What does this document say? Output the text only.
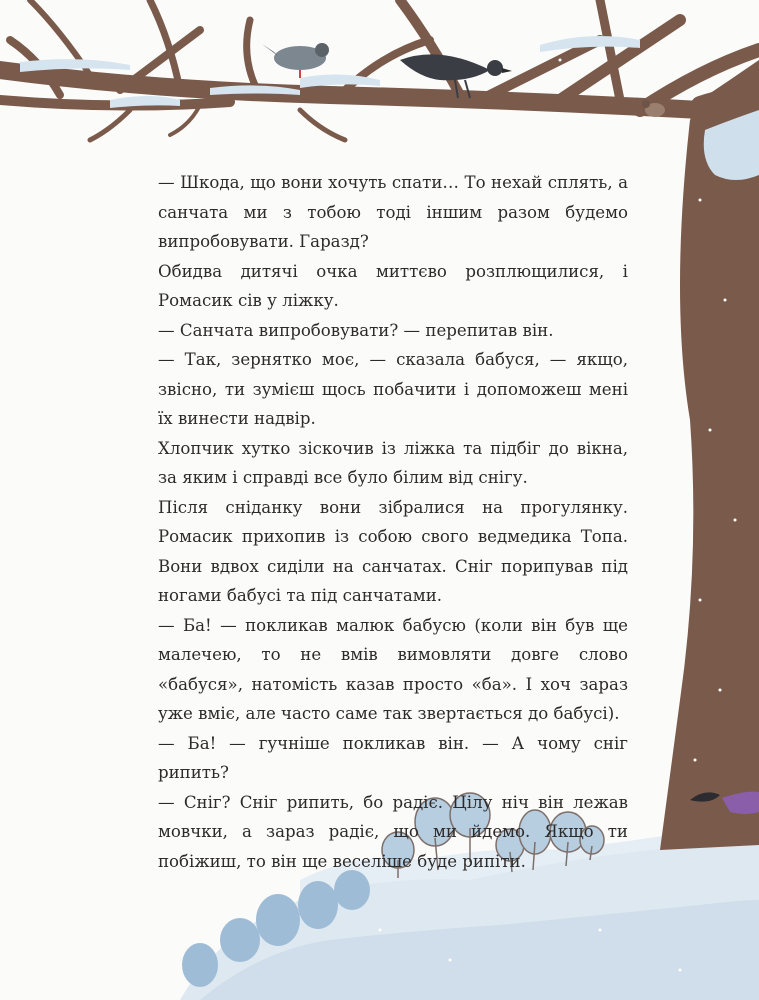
— Шкода, що вони хочуть спати… То нехай сплять, а санчата ми з тобою тоді іншим разом будемо випробовувати. Гаразд?

Обидва дитячі очка миттєво розплющилися, і Ромасик сів у ліжку.

— Санчата випробовувати? — перепитав він.

— Так, зернятко моє, — сказала бабуся, — якщо, звісно, ти зумієш щось побачити і допоможеш мені їх винести надвір.

Хлопчик хутко зіскочив із ліжка та підбіг до вікна, за яким і справді все було білим від снігу.

Після сніданку вони зібралися на прогулянку. Ромасик прихопив із собою свого ведмедика Топа. Вони вдвох сиділи на санчатах. Сніг порипував під ногами бабусі та під санчатами.

— Ба! — покликав малюк бабусю (коли він був ще малечею, то не вмів вимовляти довге слово «бабуся», натомість казав просто «ба». І хоч зараз уже вміє, але часто саме так звертається до бабусі).

— Ба! — гучніше покликав він. — А чому сніг рипить?

— Сніг? Сніг рипить, бо радіє. Цілу ніч він лежав мовчки, а зараз радіє, що ми йдемо. Якщо ти побіжиш, то він ще веселіше буде рипіти.
